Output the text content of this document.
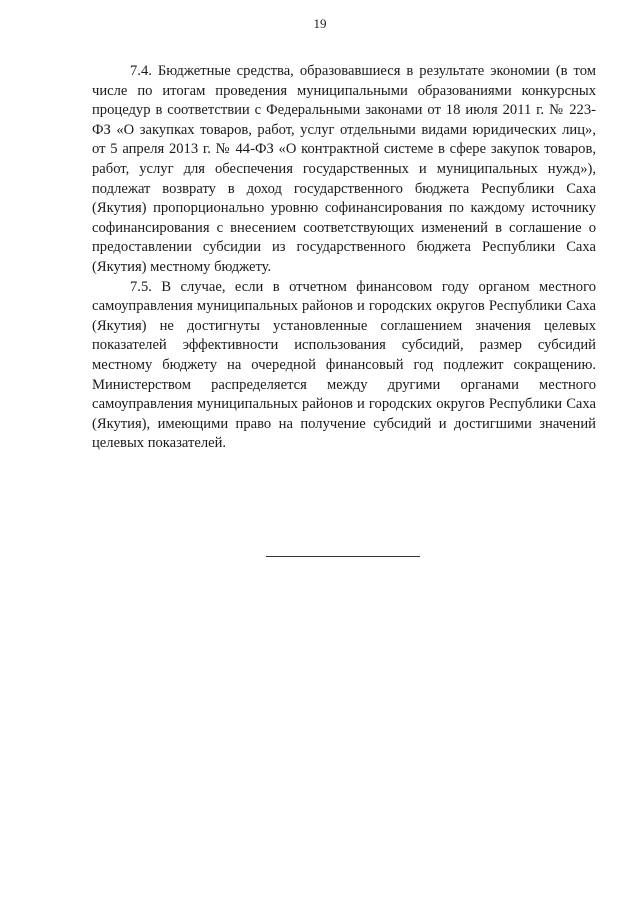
19

7.4. Бюджетные средства, образовавшиеся в результате экономии (в том числе по итогам проведения муниципальными образованиями конкурсных процедур в соответствии с Федеральными законами от 18 июля 2011 г. № 223-ФЗ «О закупках товаров, работ, услуг отдельными видами юридических лиц», от 5 апреля 2013 г. № 44-ФЗ «О контрактной системе в сфере закупок товаров, работ, услуг для обеспечения государственных и муниципальных нужд»), подлежат возврату в доход государственного бюджета Республики Саха (Якутия) пропорционально уровню софинансирования по каждому источнику софинансирования с внесением соответствующих изменений в соглашение о предоставлении субсидии из государственного бюджета Республики Саха (Якутия) местному бюджету.

7.5. В случае, если в отчетном финансовом году органом местного самоуправления муниципальных районов и городских округов Республики Саха (Якутия) не достигнуты установленные соглашением значения целевых показателей эффективности использования субсидий, размер субсидий местному бюджету на очередной финансовый год подлежит сокращению. Министерством распределяется между другими органами местного самоуправления муниципальных районов и городских округов Республики Саха (Якутия), имеющими право на получение субсидий и достигшими значений целевых показателей.
